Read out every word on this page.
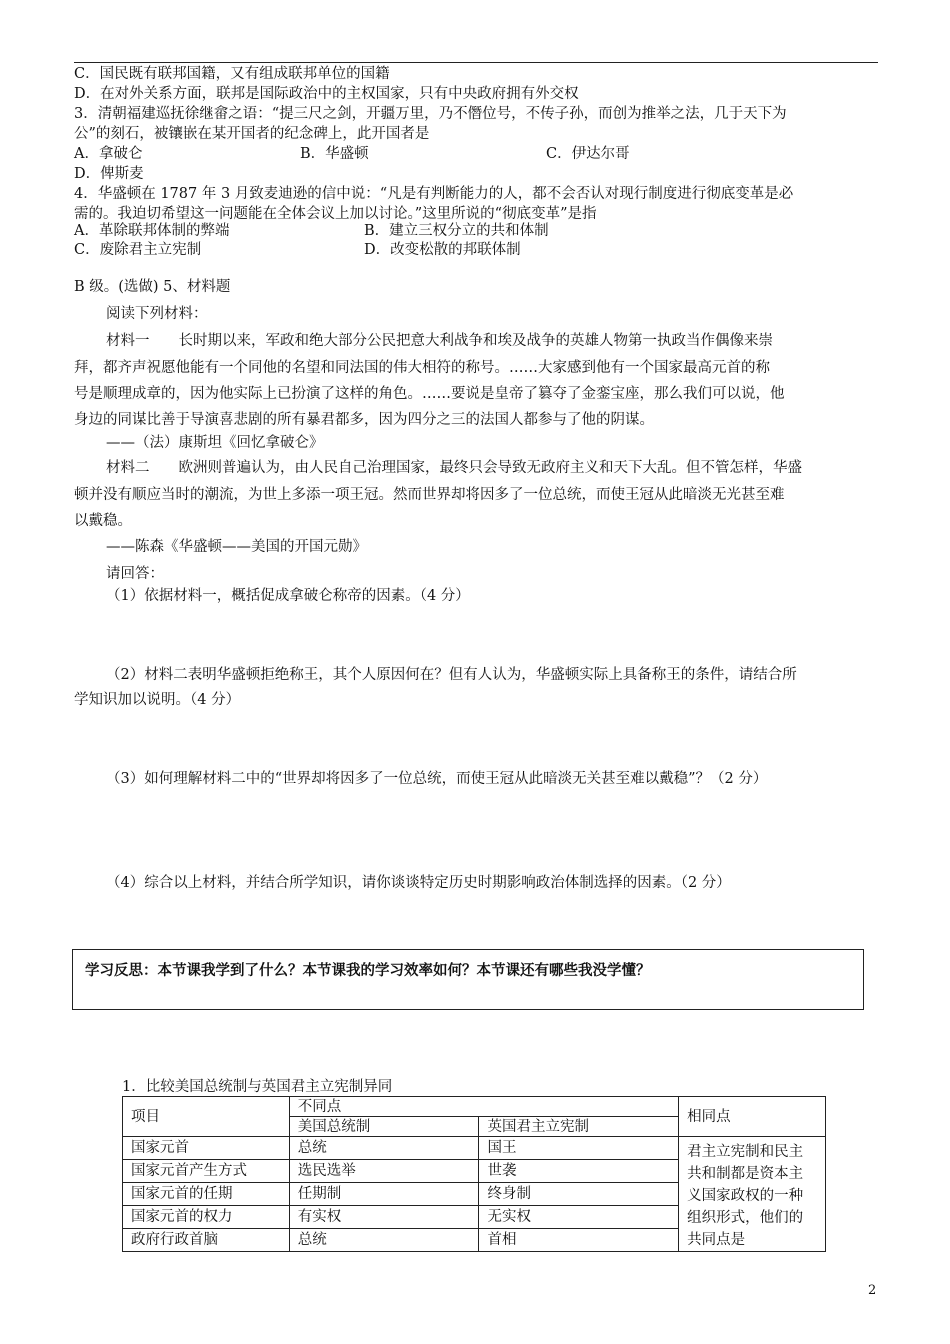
C．国民既有联邦国籍，又有组成联邦单位的国籍
D．在对外关系方面，联邦是国际政治中的主权国家，只有中央政府拥有外交权
3．清朝福建巡抚徐继畲之语：“提三尺之剑，开疆万里，乃不僭位号，不传子孙，而创为推举之法，几于天下为
公”的刻石，被镶嵌在某开国者的纪念碑上，此开国者是
A．拿破仑	B．华盛顿	C．伊达尔哥
D．俾斯麦
4．华盛顿在 1787 年 3 月致麦迪逊的信中说：“凡是有判断能力的人，都不会否认对现行制度进行彻底变革是必
需的。我迫切希望这一问题能在全体会议上加以讨论。”这里所说的“彻底变革”是指
A．革除联邦体制的弊端	B．建立三权分立的共和体制
C．废除君主立宪制	D．改变松散的邦联体制
B 级。(选做) 5、材料题
阅读下列材料：
材料一　　长时期以来，军政和绝大部分公民把意大利战争和埃及战争的英雄人物第一执政当作偶像来崇
拜，都齐声祝愿他能有一个同他的名望和同法国的伟大相符的称号。……大家感到他有一个国家最高元首的称
号是顺理成章的，因为他实际上已扮演了这样的角色。……要说是皇帝了篡夺了金銮宝座，那么我们可以说，他
身边的同谋比善于导演喜悲剧的所有暴君都多，因为四分之三的法国人都参与了他的阴谋。
——（法）康斯坦《回忆拿破仑》
材料二　　欧洲则普遍认为，由人民自己治理国家，最终只会导致无政府主义和天下大乱。但不管怎样，华盛
顿并没有顺应当时的潮流，为世上多添一项王冠。然而世界却将因多了一位总统，而使王冠从此暗淡无光甚至难
以戴稳。
——陈森《华盛顿——美国的开国元勋》
请回答：
（1）依据材料一，概括促成拿破仑称帝的因素。（4 分）
（2）材料二表明华盛顿拒绝称王，其个人原因何在？但有人认为，华盛顿实际上具备称王的条件，请结合所
学知识加以说明。（4 分）
（3）如何理解材料二中的“世界却将因多了一位总统，而使王冠从此暗淡无关甚至难以戴稳”？（2 分）
（4）综合以上材料，并结合所学知识，请你谈谈特定历史时期影响政治体制选择的因素。（2 分）
学习反思：本节课我学到了什么？本节课我的学习效率如何？本节课还有哪些我没学懂？
1．比较美国总统制与英国君主立宪制异同
项目	不同点		相同点
	美国总统制	英国君主立宪制	
国家元首	总统	国王	君主立宪制和民主共和制都是资本主义国家政权的一种组织形式，他们的共同点是
国家元首产生方式	选民选举	世袭	
国家元首的任期	任期制	终身制	
国家元首的权力	有实权	无实权	
政府行政首脑	总统	首相	
2
